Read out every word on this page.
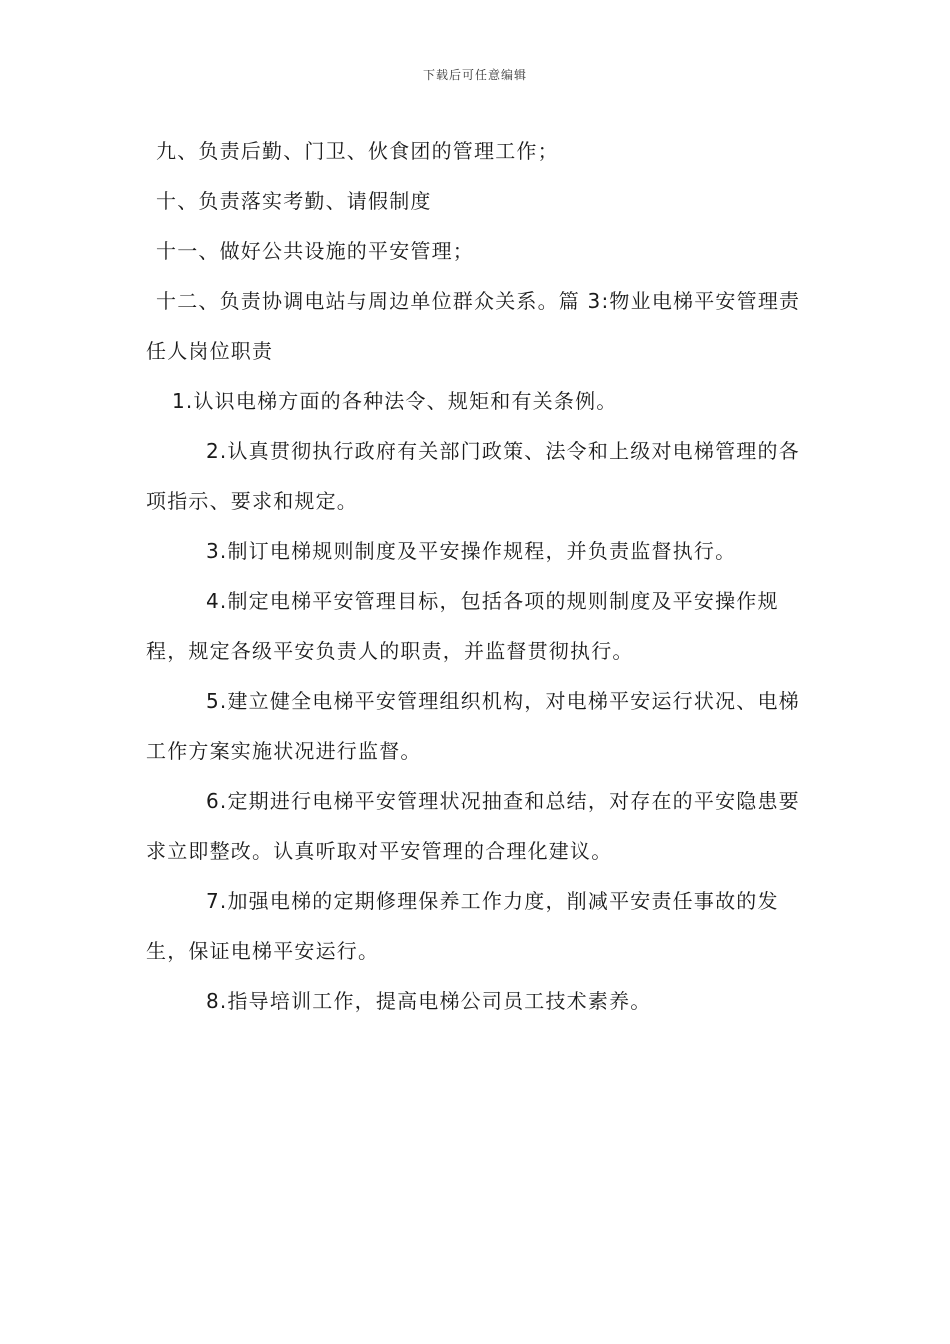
下载后可任意编辑

九、负责后勤、门卫、伙食团的管理工作；

十、负责落实考勤、请假制度

十一、做好公共设施的平安管理；

十二、负责协调电站与周边单位群众关系。篇 3:物业电梯平安管理责任人岗位职责

1.认识电梯方面的各种法令、规矩和有关条例。

2.认真贯彻执行政府有关部门政策、法令和上级对电梯管理的各项指示、要求和规定。

3.制订电梯规则制度及平安操作规程，并负责监督执行。

4.制定电梯平安管理目标，包括各项的规则制度及平安操作规程，规定各级平安负责人的职责，并监督贯彻执行。

5.建立健全电梯平安管理组织机构，对电梯平安运行状况、电梯工作方案实施状况进行监督。

6.定期进行电梯平安管理状况抽查和总结，对存在的平安隐患要求立即整改。认真听取对平安管理的合理化建议。

7.加强电梯的定期修理保养工作力度，削减平安责任事故的发生，保证电梯平安运行。

8.指导培训工作，提高电梯公司员工技术素养。
